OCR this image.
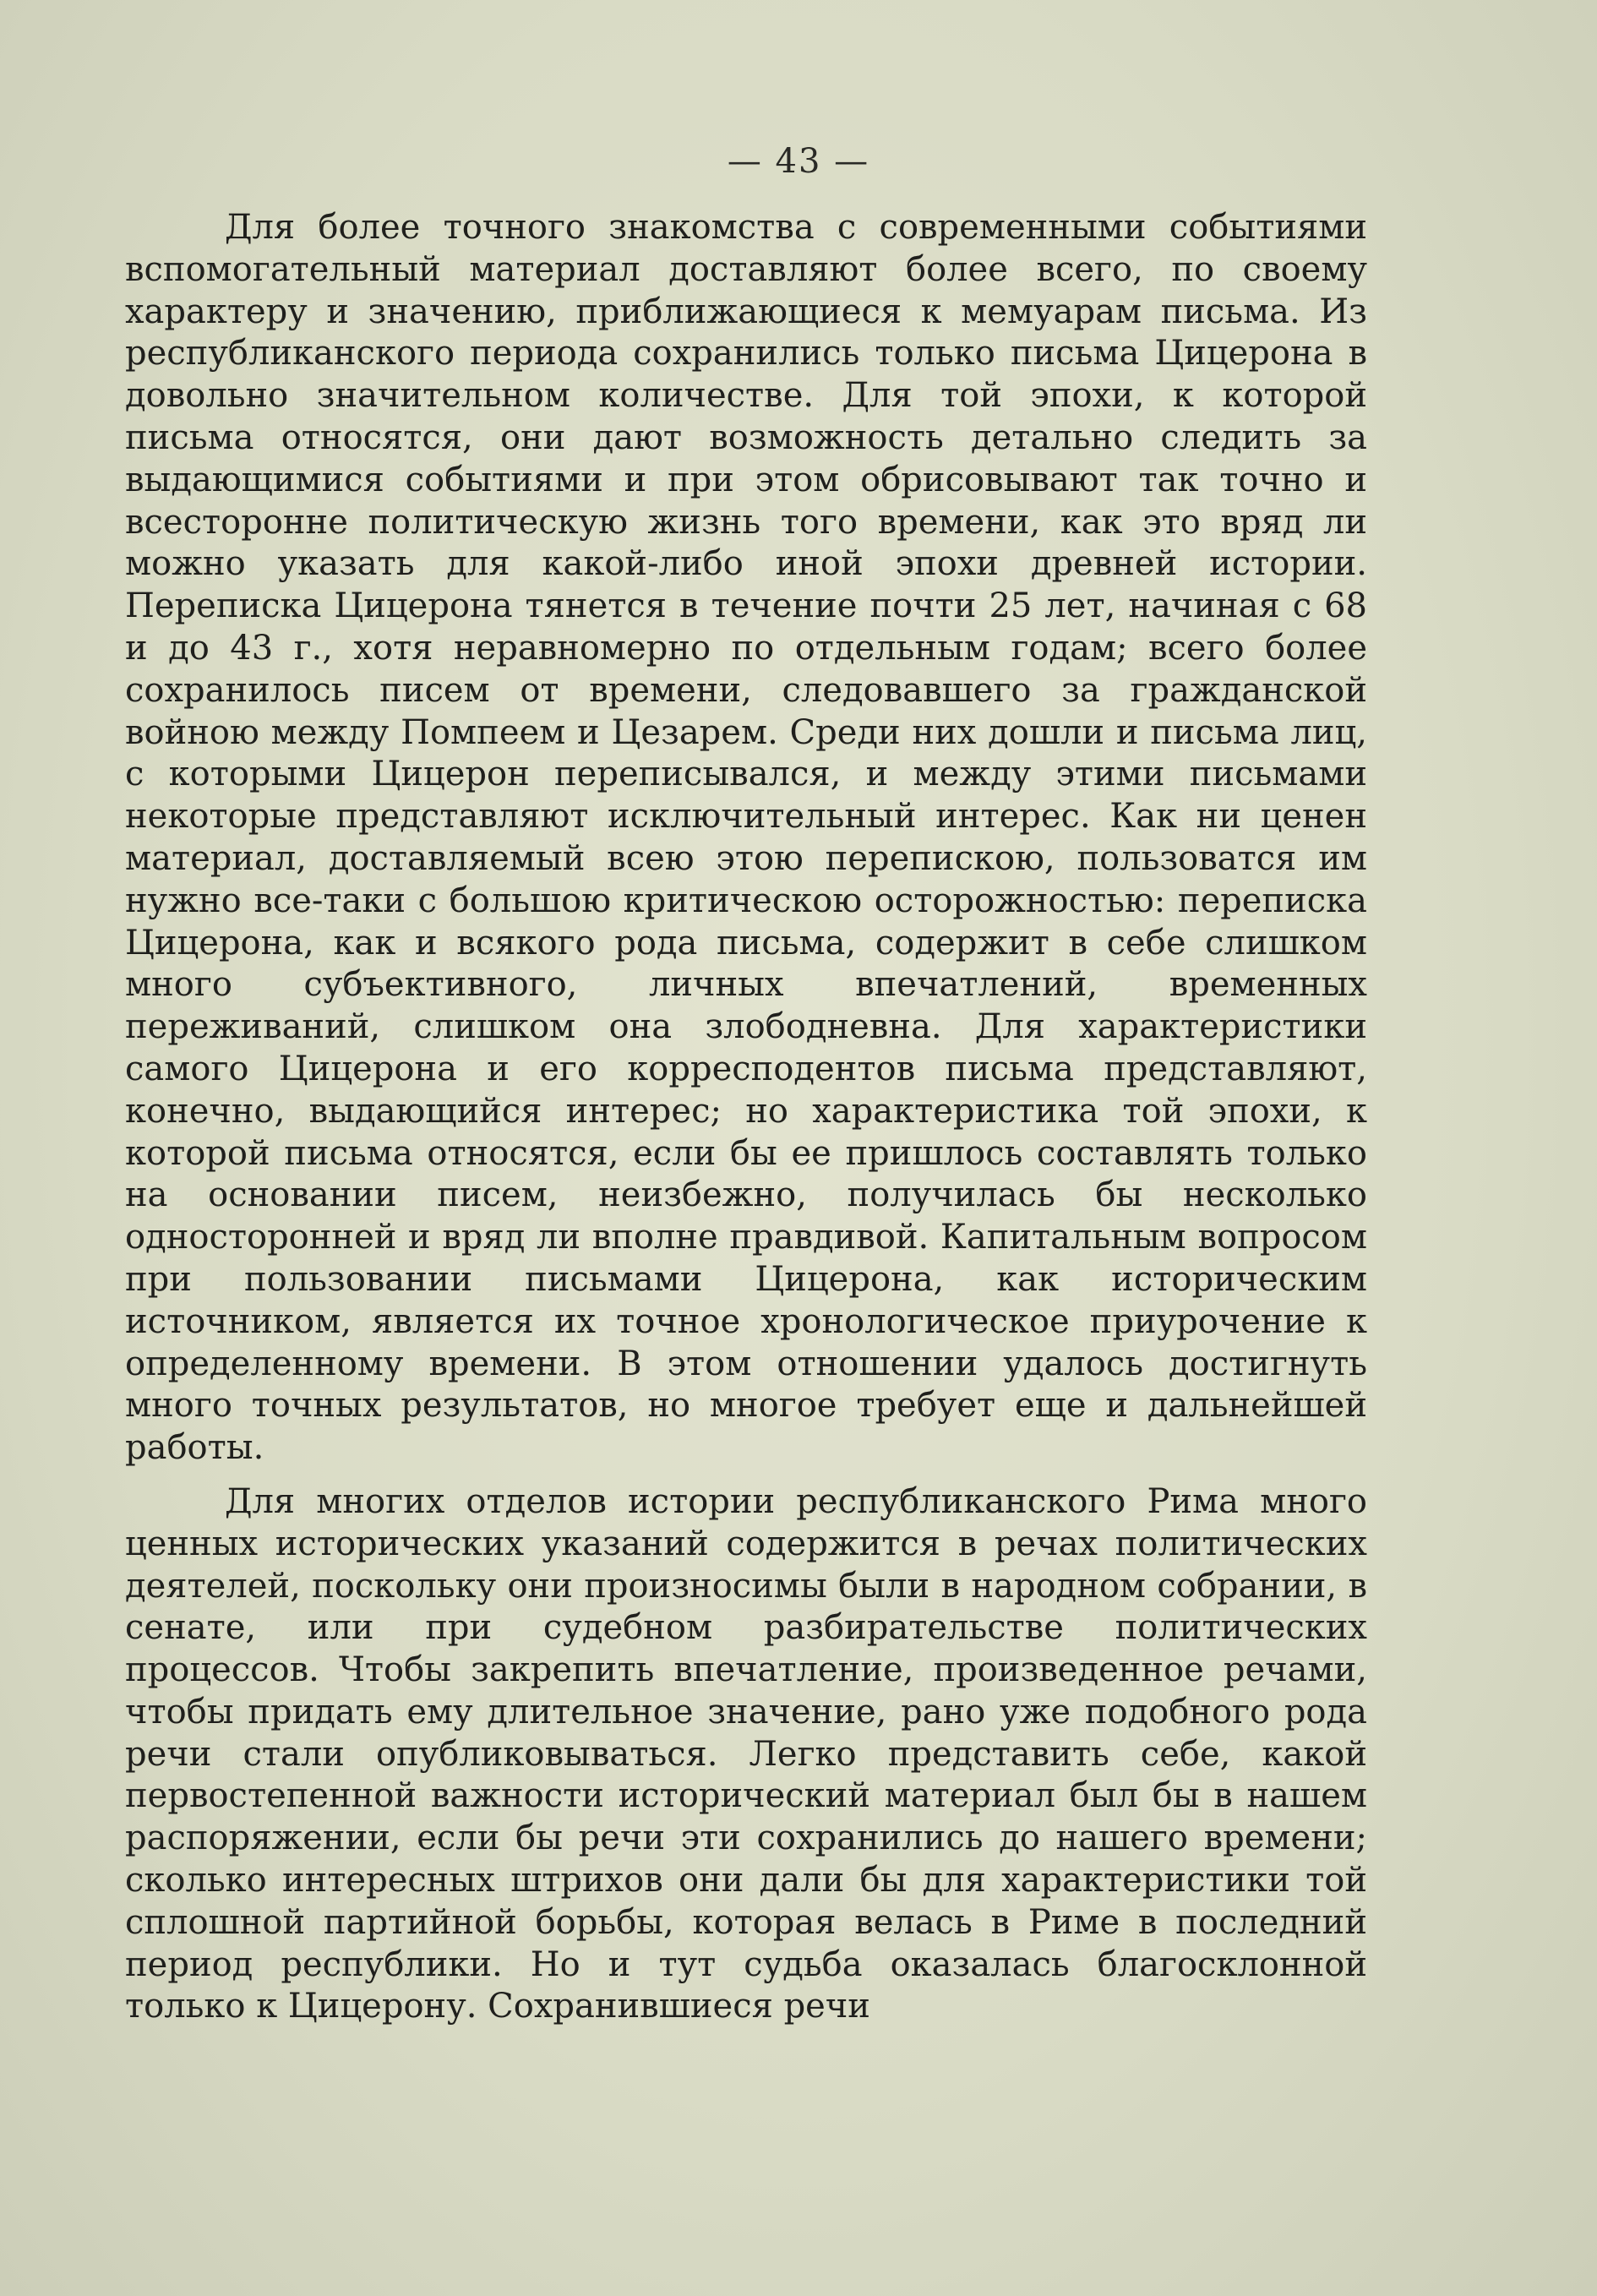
— 43 —

Для более точного знакомства с современными событиями вспомогательный материал доставляют более всего, по своему характеру и значению, приближающиеся к мемуарам письма. Из республиканского периода сохранились только письма Цицерона в довольно значительном количестве. Для той эпохи, к которой письма относятся, они дают возможность детально следить за выдающимися событиями и при этом обрисовывают так точно и всесторонне политическую жизнь того времени, как это вряд ли можно указать для какой-либо иной эпохи древней истории. Переписка Цицерона тянется в течение почти 25 лет, начиная с 68 и до 43 г., хотя неравномерно по отдельным годам; всего более сохранилось писем от времени, следовавшего за гражданской войною между Помпеем и Цезарем. Среди них дошли и письма лиц, с которыми Цицерон переписывался, и между этими письмами некоторые представляют исключительный интерес. Как ни ценен материал, доставляемый всею этою перепискою, пользоватся им нужно все-таки с большою критическою осторожностью: переписка Цицерона, как и всякого рода письма, содержит в себе слишком много субъективного, личных впечатлений, временных переживаний, слишком она злободневна. Для характеристики самого Цицерона и его корресподентов письма представляют, конечно, выдающийся интерес; но характеристика той эпохи, к которой письма относятся, если бы ее пришлось составлять только на основании писем, неизбежно, получилась бы несколько односторонней и вряд ли вполне правдивой. Капитальным вопросом при пользовании письмами Цицерона, как историческим источником, является их точное хронологическое приурочение к определенному времени. В этом отношении удалось достигнуть много точных результатов, но многое требует еще и дальнейшей работы.

Для многих отделов истории республиканского Рима много ценных исторических указаний содержится в речах политических деятелей, поскольку они произносимы были в народном собрании, в сенате, или при судебном разбирательстве политических процессов. Чтобы закрепить впечатление, произведенное речами, чтобы придать ему длительное значение, рано уже подобного рода речи стали опубликовываться. Легко представить себе, какой первостепенной важности исторический материал был бы в нашем распоряжении, если бы речи эти сохранились до нашего времени; сколько интересных штрихов они дали бы для характеристики той сплошной партийной борьбы, которая велась в Риме в последний период республики. Но и тут судьба оказалась благосклонной только к Цицерону. Сохранившиеся речи
